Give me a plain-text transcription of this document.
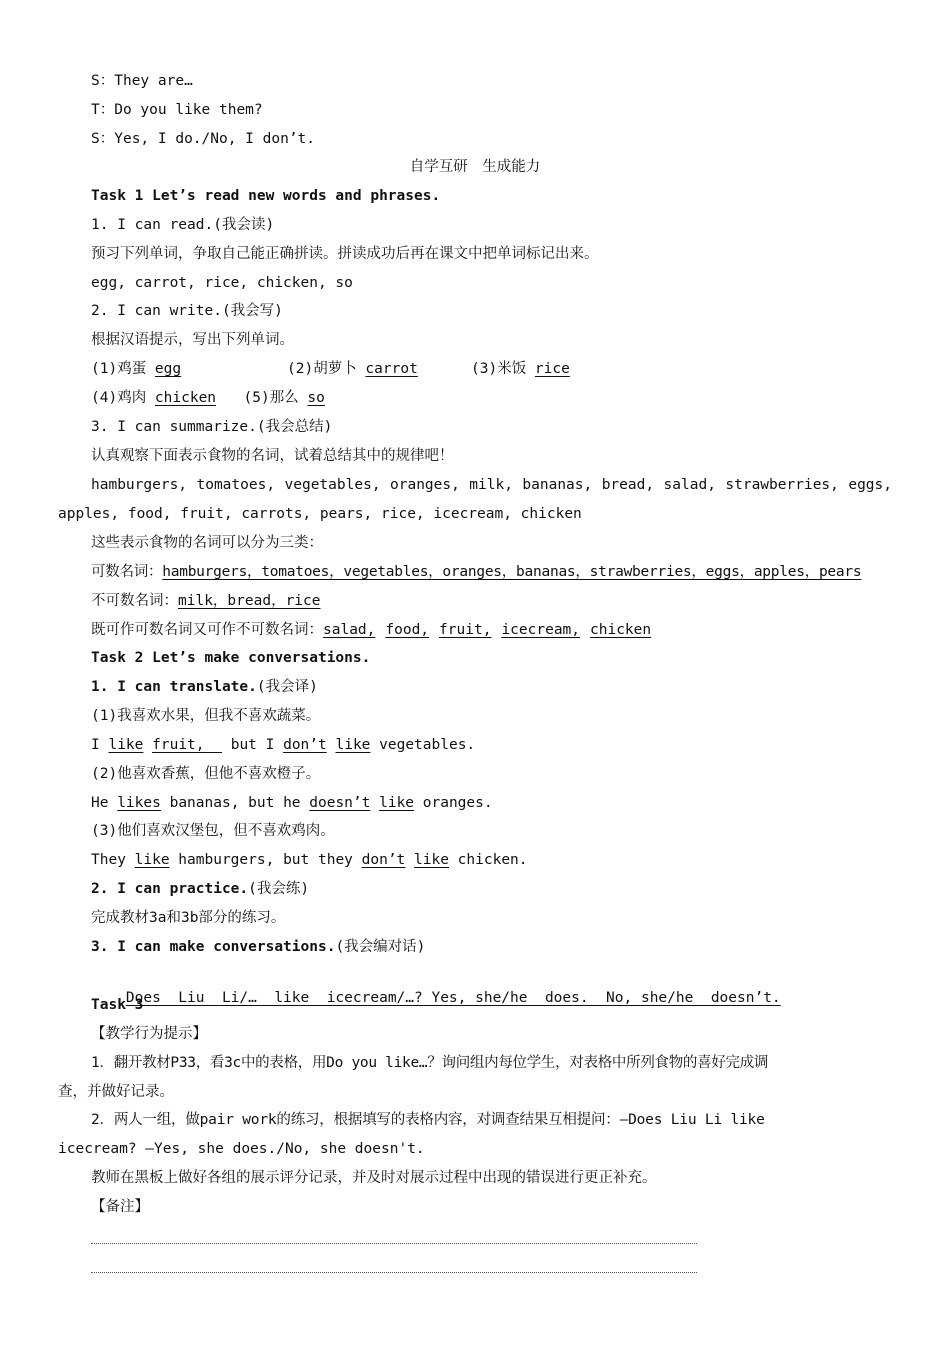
S：They are…
T：Do you like them?
S：Yes, I do./No, I don’t.
自学互研　生成能力
Task 1 Let’s read new words and phrases.
1. I can read.(我会读)
预习下列单词，争取自己能正确拼读。拼读成功后再在课文中把单词标记出来。
egg, carrot, rice, chicken, so
2. I can write.(我会写)
根据汉语提示，写出下列单词。
(1)鸡蛋 egg	(2)胡萝卜 carrot	(3)米饭 rice
(4)鸡肉 chicken (5)那么 so
3. I can summarize.(我会总结)
认真观察下面表示食物的名词，试着总结其中的规律吧！
hamburgers, tomatoes, vegetables, oranges, milk, bananas, bread, salad, strawberries, eggs,
apples, food, fruit, carrots, pears, rice, icecream, chicken
这些表示食物的名词可以分为三类：
可数名词：hamburgers，tomatoes，vegetables，oranges，bananas，strawberries，eggs，apples，pears
不可数名词：milk，bread，rice
既可作可数名词又可作不可数名词：salad, food, fruit, icecream, chicken
Task 2 Let’s make conversations.
1. I can translate.(我会译)
(1)我喜欢水果，但我不喜欢蔬菜。
I like fruit,   but I don’t like vegetables.
(2)他喜欢香蕉，但他不喜欢橙子。
He likes bananas, but he doesn’t like oranges.
(3)他们喜欢汉堡包，但不喜欢鸡肉。
They like hamburgers, but they don’t like chicken.
2. I can practice.(我会练)
完成教材3a和3b部分的练习。
3. I can make conversations.(我会编对话)

Does  Liu  Li/…  like  icecream/…? Yes, she/he  does.  No, she/he  doesn’t.

Task 3
【教学行为提示】
1．翻开教材P33，看3c中的表格，用Do you like…？询问组内每位学生，对表格中所列食物的喜好完成调
查，并做好记录。
2．两人一组，做pair work的练习，根据填写的表格内容，对调查结果互相提问：—Does Liu Li like
icecream? —Yes, she does./No, she doesn't.
教师在黑板上做好各组的展示评分记录，并及时对展示过程中出现的错误进行更正补充。
【备注】
